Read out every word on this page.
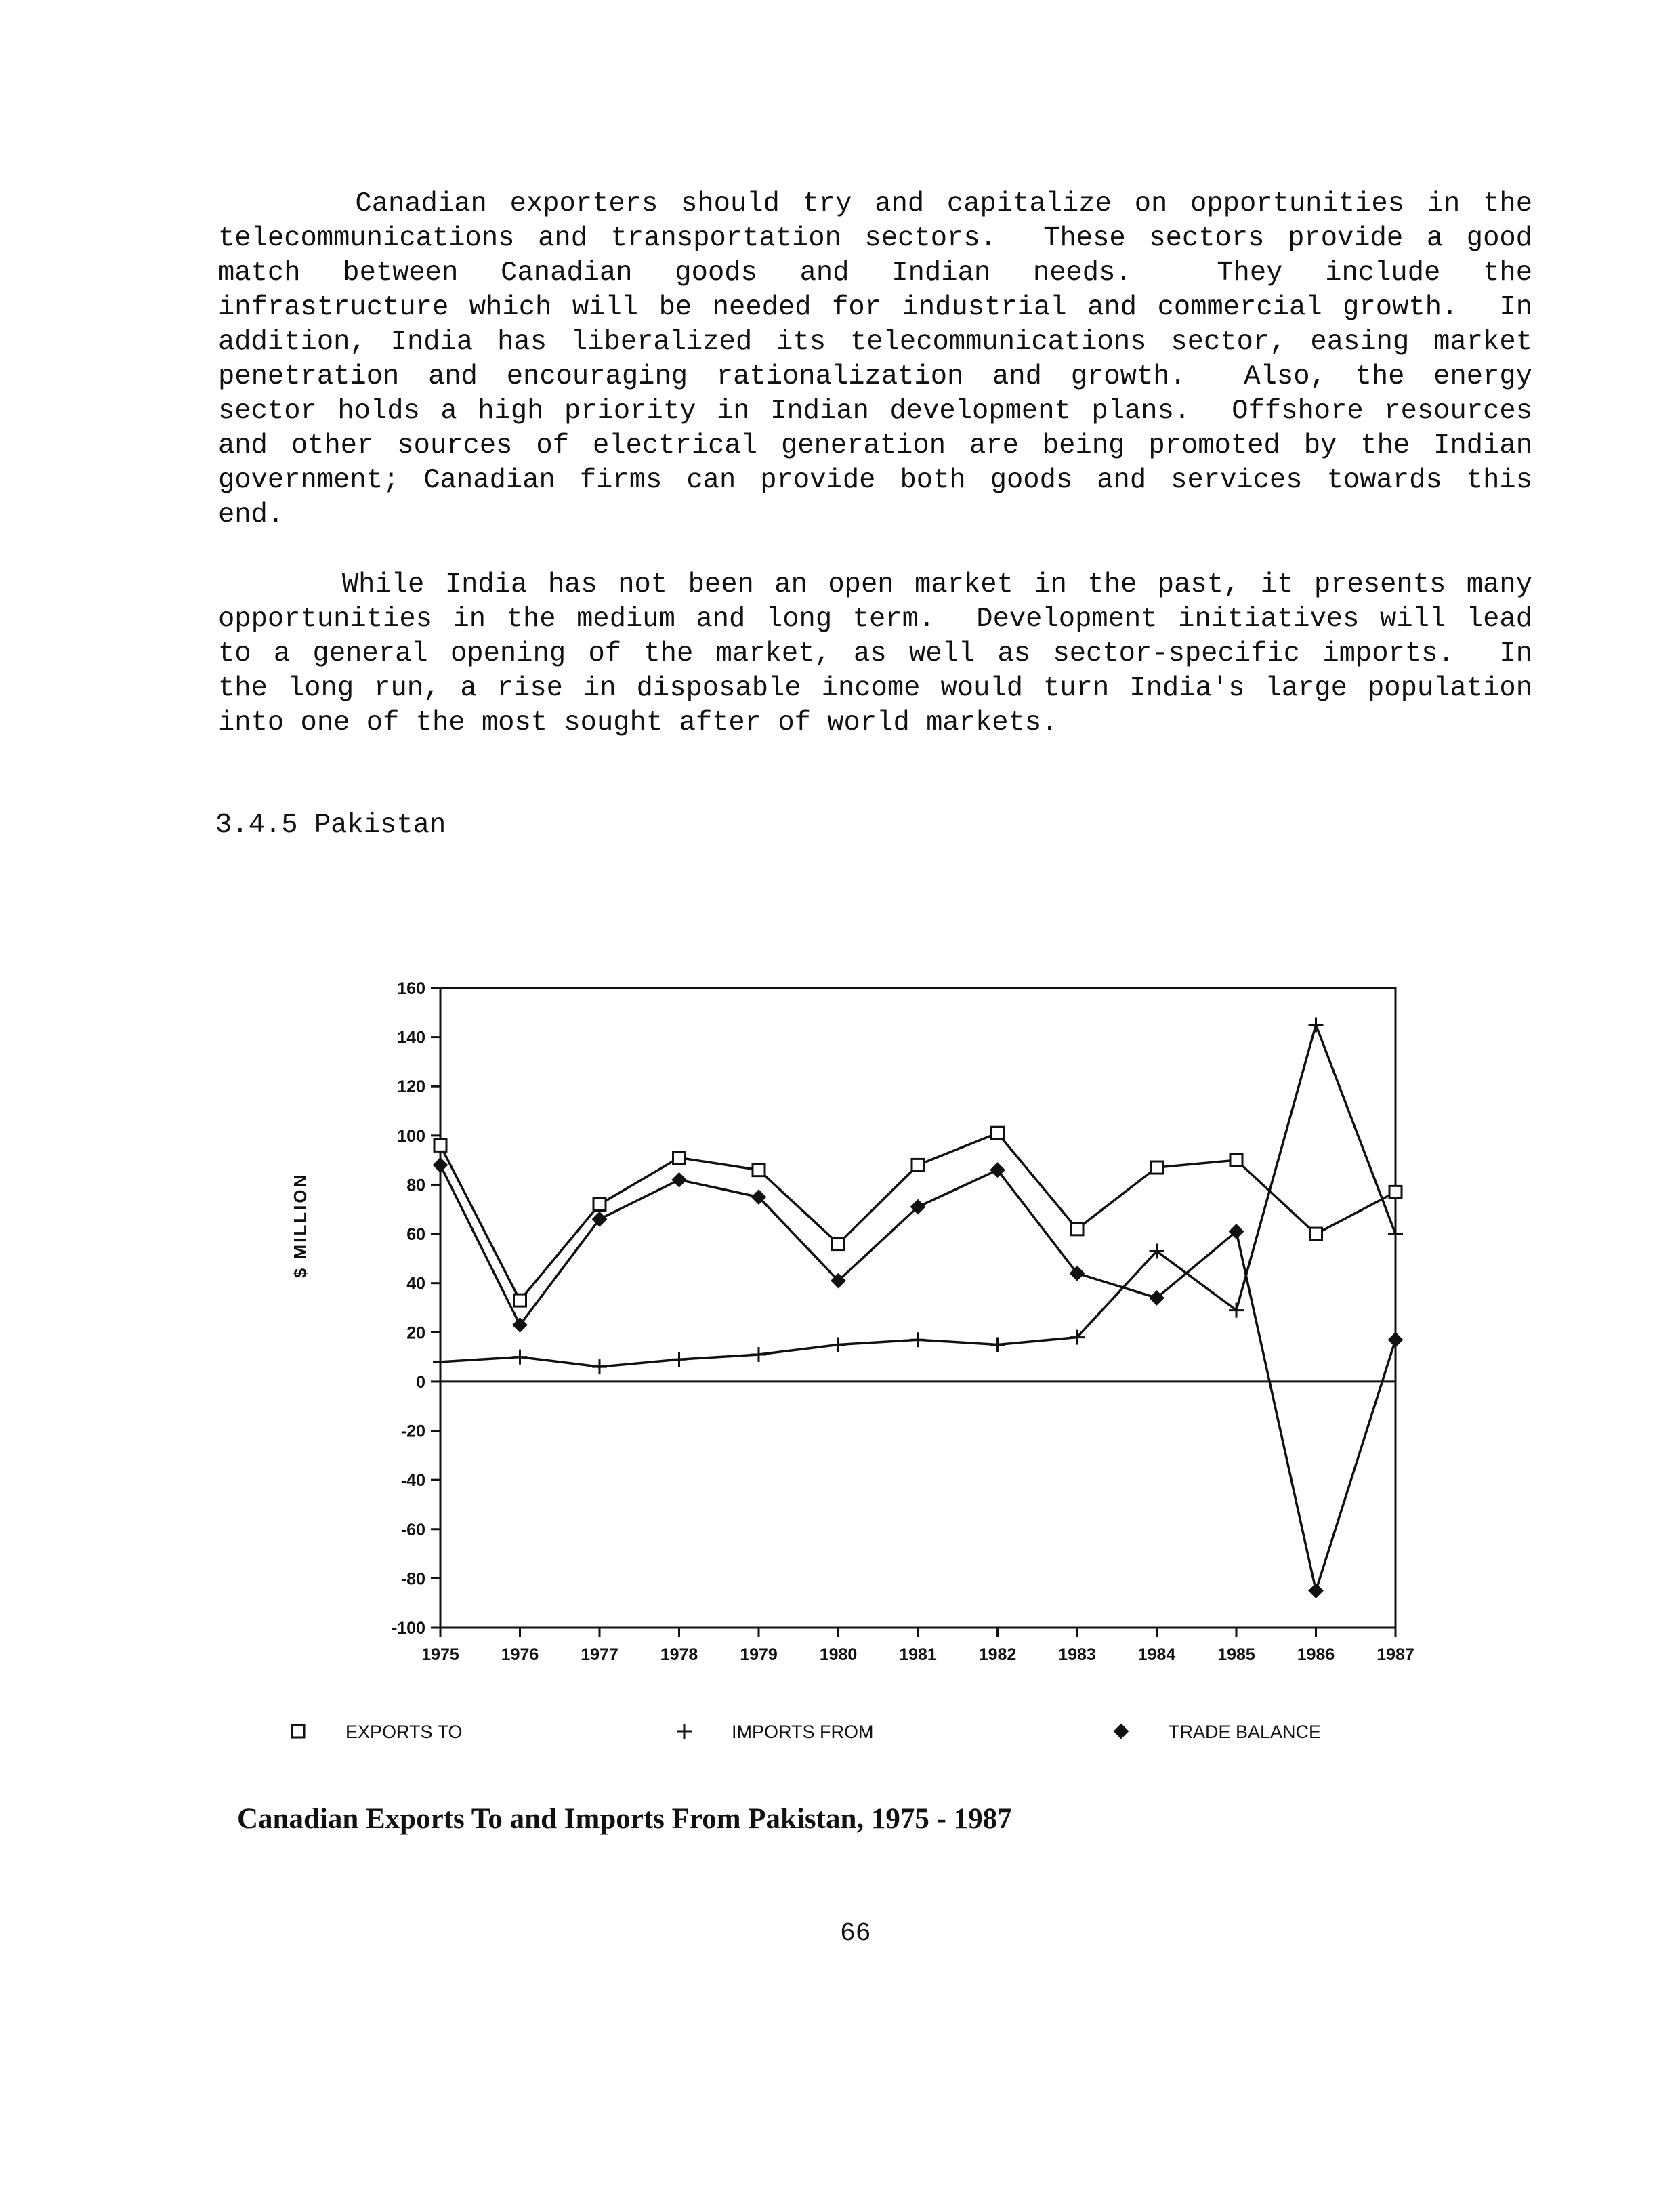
Canadian exporters should try and capitalize on opportunities in the
telecommunications and transportation sectors.  These sectors provide a good
match between Canadian goods and Indian needs.  They include the
infrastructure which will be needed for industrial and commercial growth.  In
addition, India has liberalized its telecommunications sector, easing market
penetration and encouraging rationalization and growth.  Also, the energy
sector holds a high priority in Indian development plans.  Offshore resources
and other sources of electrical generation are being promoted by the Indian
government; Canadian firms can provide both goods and services towards this
end.
While India has not been an open market in the past, it presents many
opportunities in the medium and long term.  Development initiatives will lead
to a general opening of the market, as well as sector-specific imports.  In
the long run, a rise in disposable income would turn India's large population
into one of the most sought after of world markets.
3.4.5 Pakistan
160
140
120
100
80
60
40
20
0
-20
-40
-60
-80
-100
1975 1976 1977 1978 1979 1980 1981 1982 1983 1984 1985 1986 1987
$ MILLION
EXPORTS TO	IMPORTS FROM	TRADE BALANCE

Canadian Exports To and Imports From Pakistan, 1975 - 1987

66
